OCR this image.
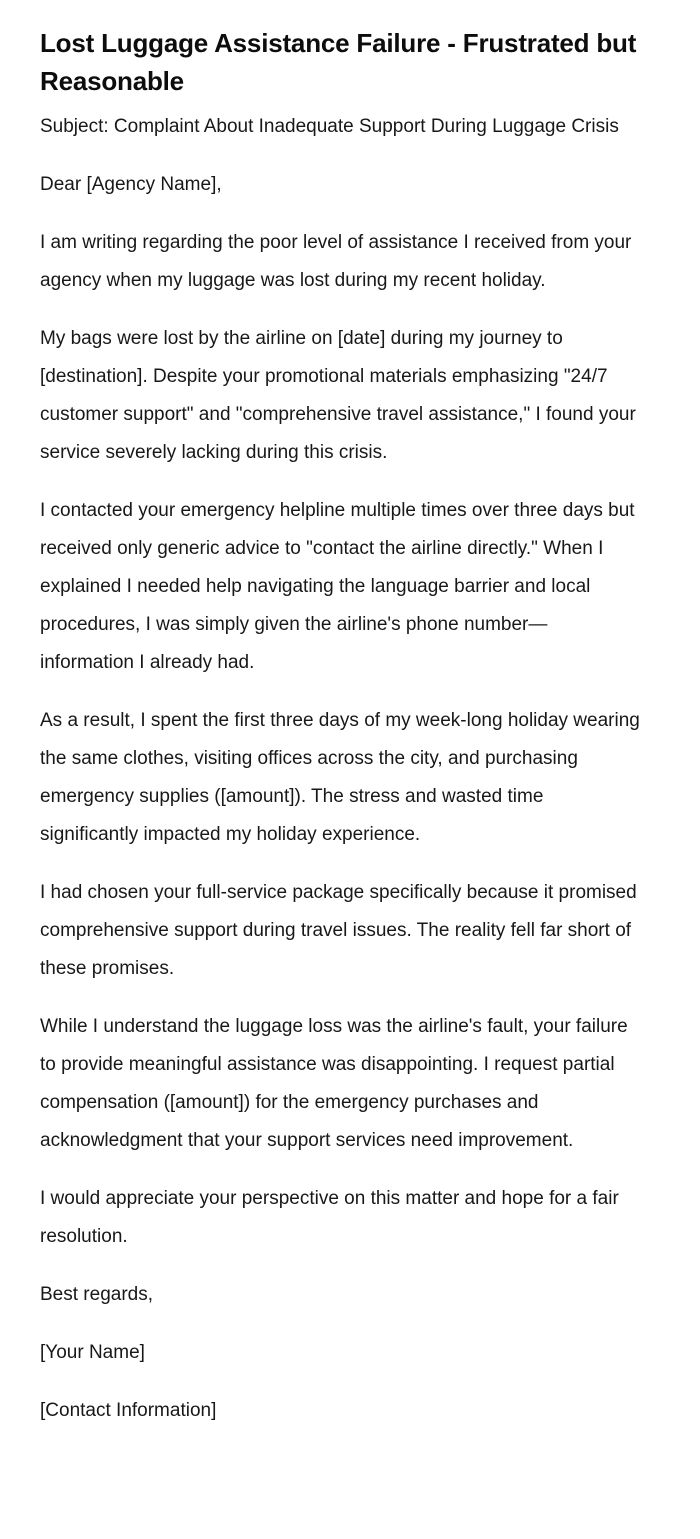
Lost Luggage Assistance Failure - Frustrated but Reasonable

Subject: Complaint About Inadequate Support During Luggage Crisis

Dear [Agency Name],

I am writing regarding the poor level of assistance I received from your agency when my luggage was lost during my recent holiday.

My bags were lost by the airline on [date] during my journey to [destination]. Despite your promotional materials emphasizing "24/7 customer support" and "comprehensive travel assistance," I found your service severely lacking during this crisis.

I contacted your emergency helpline multiple times over three days but received only generic advice to "contact the airline directly." When I explained I needed help navigating the language barrier and local procedures, I was simply given the airline's phone number—information I already had.

As a result, I spent the first three days of my week-long holiday wearing the same clothes, visiting offices across the city, and purchasing emergency supplies ([amount]). The stress and wasted time significantly impacted my holiday experience.

I had chosen your full-service package specifically because it promised comprehensive support during travel issues. The reality fell far short of these promises.

While I understand the luggage loss was the airline's fault, your failure to provide meaningful assistance was disappointing. I request partial compensation ([amount]) for the emergency purchases and acknowledgment that your support services need improvement.

I would appreciate your perspective on this matter and hope for a fair resolution.

Best regards,

[Your Name]

[Contact Information]
